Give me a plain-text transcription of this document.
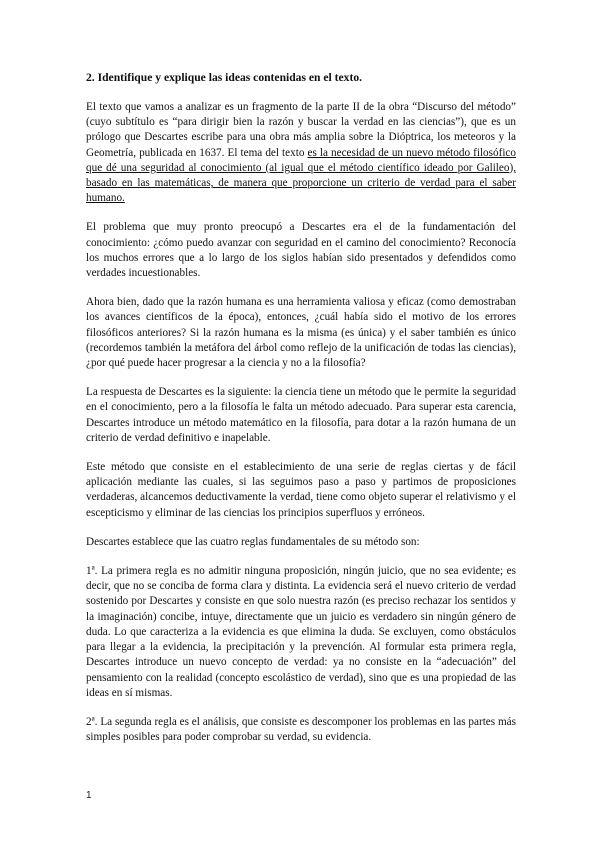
2. Identifique y explique las ideas contenidas en el texto.

El texto que vamos a analizar es un fragmento de la parte II de la obra “Discurso del método” (cuyo subtítulo es “para dirigir bien la razón y buscar la verdad en las ciencias”), que es un prólogo que Descartes escribe para una obra más amplia sobre la Dióptrica, los meteoros y la Geometría, publicada en 1637. El tema del texto es la necesidad de un nuevo método filosófico que dé una seguridad al conocimiento (al igual que el método científico ideado por Galileo), basado en las matemáticas, de manera que proporcione un criterio de verdad para el saber humano.

El problema que muy pronto preocupó a Descartes era el de la fundamentación del conocimiento: ¿cómo puedo avanzar con seguridad en el camino del conocimiento? Reconocía los muchos errores que a lo largo de los siglos habían sido presentados y defendidos como verdades incuestionables.

Ahora bien, dado que la razón humana es una herramienta valiosa y eficaz (como demostraban los avances científicos de la época), entonces, ¿cuál había sido el motivo de los errores filosóficos anteriores? Si la razón humana es la misma (es única) y el saber también es único (recordemos también la metáfora del árbol como reflejo de la unificación de todas las ciencias), ¿por qué puede hacer progresar a la ciencia y no a la filosofía?

La respuesta de Descartes es la siguiente: la ciencia tiene un método que le permite la seguridad en el conocimiento, pero a la filosofía le falta un método adecuado. Para superar esta carencia, Descartes introduce un método matemático en la filosofía, para dotar a la razón humana de un criterio de verdad definitivo e inapelable.

Este método que consiste en el establecimiento de una serie de reglas ciertas y de fácil aplicación mediante las cuales, si las seguimos paso a paso y partimos de proposiciones verdaderas, alcancemos deductivamente la verdad, tiene como objeto superar el relativismo y el escepticismo y eliminar de las ciencias los principios superfluos y erróneos.

Descartes establece que las cuatro reglas fundamentales de su método son:

1ª. La primera regla es no admitir ninguna proposición, ningún juicio, que no sea evidente; es decir, que no se conciba de forma clara y distinta. La evidencia será el nuevo criterio de verdad sostenido por Descartes y consiste en que solo nuestra razón (es preciso rechazar los sentidos y la imaginación) concibe, intuye, directamente que un juicio es verdadero sin ningún género de duda. Lo que caracteriza a la evidencia es que elimina la duda. Se excluyen, como obstáculos para llegar a la evidencia, la precipitación y la prevención. Al formular esta primera regla, Descartes introduce un nuevo concepto de verdad: ya no consiste en la “adecuación” del pensamiento con la realidad (concepto escolástico de verdad), sino que es una propiedad de las ideas en sí mismas.

2ª. La segunda regla es el análisis, que consiste es descomponer los problemas en las partes más simples posibles para poder comprobar su verdad, su evidencia.

1
